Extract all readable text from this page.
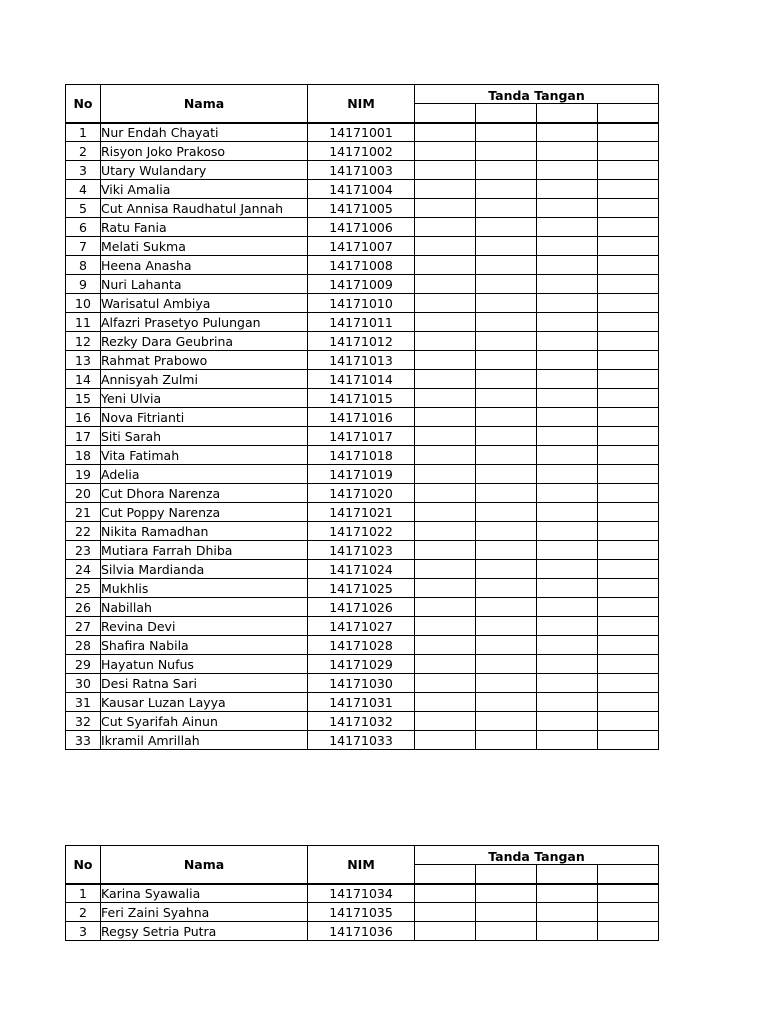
No	Nama	NIM	Tanda Tangan			

1	Nur Endah Chayati	14171001				
2	Risyon Joko Prakoso	14171002				
3	Utary Wulandary	14171003				
4	Viki Amalia	14171004				
5	Cut Annisa Raudhatul Jannah	14171005				
6	Ratu Fania	14171006				
7	Melati Sukma	14171007				
8	Heena Anasha	14171008				
9	Nuri Lahanta	14171009				
10	Warisatul Ambiya	14171010				
11	Alfazri Prasetyo Pulungan	14171011				
12	Rezky Dara Geubrina	14171012				
13	Rahmat Prabowo	14171013				
14	Annisyah Zulmi	14171014				
15	Yeni Ulvia	14171015				
16	Nova Fitrianti	14171016				
17	Siti Sarah	14171017				
18	Vita Fatimah	14171018				
19	Adelia	14171019				
20	Cut Dhora Narenza	14171020				
21	Cut Poppy Narenza	14171021				
22	Nikita Ramadhan	14171022				
23	Mutiara Farrah Dhiba	14171023				
24	Silvia Mardianda	14171024				
25	Mukhlis	14171025				
26	Nabillah	14171026				
27	Revina Devi	14171027				
28	Shafira Nabila	14171028				
29	Hayatun Nufus	14171029				
30	Desi Ratna Sari	14171030				
31	Kausar Luzan Layya	14171031				
32	Cut Syarifah Ainun	14171032				
33	Ikramil Amrillah	14171033				
No	Nama	NIM	Tanda Tangan			

1	Karina Syawalia	14171034				
2	Feri Zaini Syahna	14171035				
3	Regsy Setria Putra	14171036				
